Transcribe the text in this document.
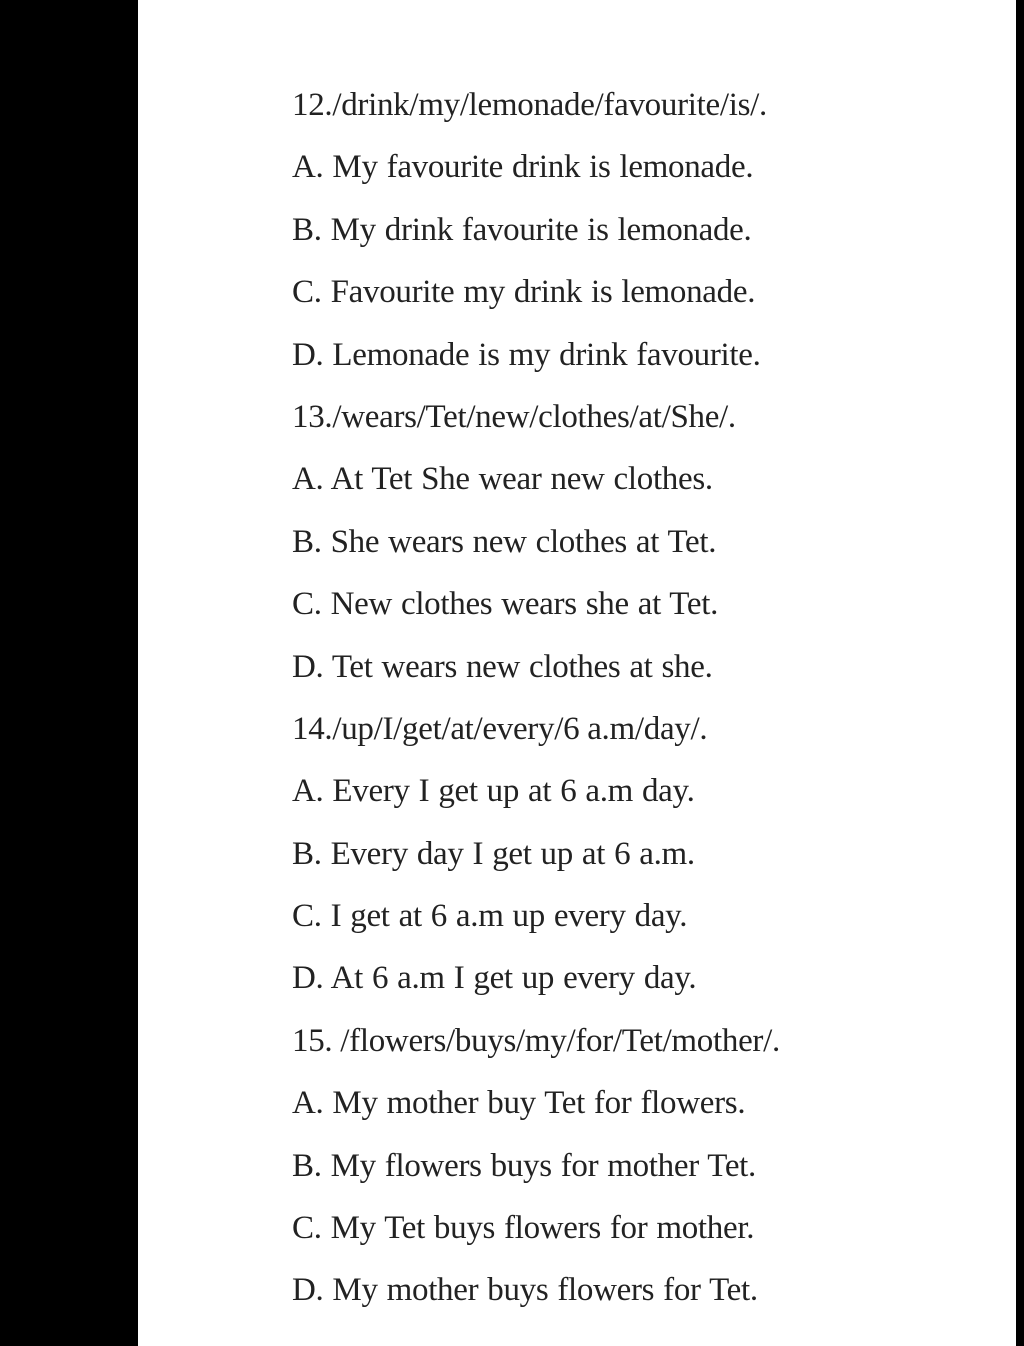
12./drink/my/lemonade/favourite/is/.
A. My favourite drink is lemonade.
B. My drink favourite is lemonade.
C. Favourite my drink is lemonade.
D. Lemonade is my drink favourite.
13./wears/Tet/new/clothes/at/She/.
A. At Tet She wear new clothes.
B. She wears new clothes at Tet.
C. New clothes wears she at Tet.
D. Tet wears new clothes at she.
14./up/I/get/at/every/6 a.m/day/.
A. Every I get up at 6 a.m day.
B. Every day I get up at 6 a.m.
C. I get at 6 a.m up every day.
D. At 6 a.m I get up every day.
15. /flowers/buys/my/for/Tet/mother/.
A. My mother buy Tet for flowers.
B. My flowers buys for mother Tet.
C. My Tet buys flowers for mother.
D. My mother buys flowers for Tet.
